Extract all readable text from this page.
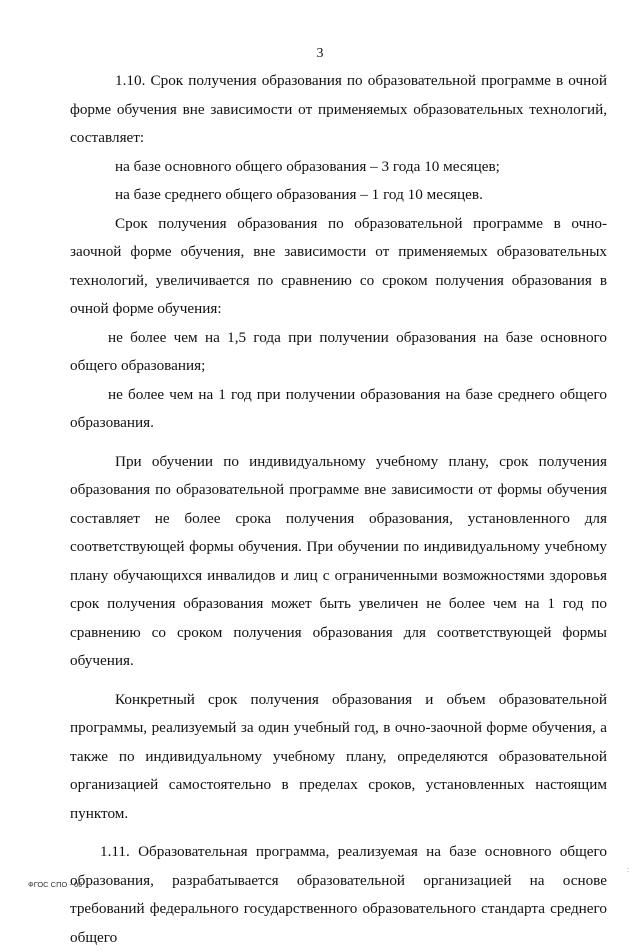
3

1.10. Срок получения образования по образовательной программе в очной форме обучения вне зависимости от применяемых образовательных технологий, составляет:

на базе основного общего образования – 3 года 10 месяцев;

на базе среднего общего образования – 1 год 10 месяцев.

Срок получения образования по образовательной программе в очно-заочной форме обучения, вне зависимости от применяемых образовательных технологий, увеличивается по сравнению со сроком получения образования в очной форме обучения:

не более чем на 1,5 года при получении образования на базе основного общего образования;

не более чем на 1 год при получении образования на базе среднего общего образования.

При обучении по индивидуальному учебному плану, срок получения образования по образовательной программе вне зависимости от формы обучения составляет не более срока получения образования, установленного для соответствующей формы обучения. При обучении по индивидуальному учебному плану обучающихся инвалидов и лиц с ограниченными возможностями здоровья срок получения образования может быть увеличен не более чем на 1 год по сравнению со сроком получения образования для соответствующей формы обучения.

Конкретный срок получения образования и объем образовательной программы, реализуемый за один учебный год, в очно-заочной форме обучения, а также по индивидуальному учебному плану, определяются образовательной организацией самостоятельно в пределах сроков, установленных настоящим пунктом.

1.11. Образовательная программа, реализуемая на базе основного общего образования, разрабатывается образовательной организацией на основе требований федерального государственного образовательного стандарта среднего общего

ФГОС СПО - 06
:
